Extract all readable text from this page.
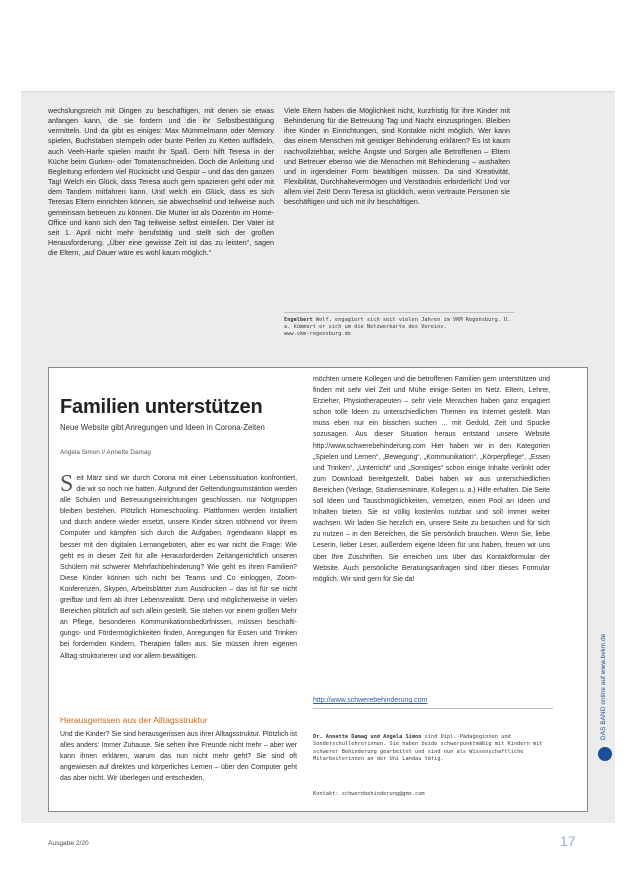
wechslungsreich mit Dingen zu beschäftigen, mit denen sie etwas anfangen kann, die sie fordern und die ihr Selbstbestätigung vermitteln. Und da gibt es einiges: Max Mümmelmann oder Memory spielen, Buchstaben stempeln oder bunte Perlen zu Ketten auffädeln, auch Veeh-Harfe spielen macht ihr Spaß. Gern hilft Teresa in der Küche beim Gurken- oder Tomatenschneiden. Doch die Anleitung und Begleitung erfordern viel Rücksicht und Gespür – und das den ganzen Tag! Welch ein Glück, dass Teresa auch gern spazieren geht oder mit dem Tandem mitfahren kann. Und welch ein Glück, dass es sich Teresas Eltern einrichten können, sie abwechselnd und teilweise auch gemeinsam betreuen zu können. Die Mutter ist als Dozentin im Home-Office und kann sich den Tag teilweise selbst einteilen. Der Vater ist seit 1. April nicht mehr berufstätig und stellt sich der großen Herausforderung. „Über eine gewisse Zeit ist das zu leisten“, sagen die Eltern, „auf Dauer wäre es wohl kaum möglich.“

Viele Eltern haben die Möglichkeit nicht, kurzfristig für ihre Kinder mit Behinderung für die Betreuung Tag und Nacht einzuspringen. Bleiben ihre Kinder in Einrichtungen, sind Kontakte nicht möglich. Wer kann das einem Menschen mit geistiger Behinderung erklären? Es ist kaum nachvollziehbar, welche Ängste und Sorgen alle Betroffenen – Eltern und Betreuer ebenso wie die Menschen mit Behinderung – aushalten und in irgendeiner Form bewältigen müssen. Da sind Kreativität, Flexibilität, Durchhaltevermögen und Verständnis erforderlich! Und vor allem viel Zeit! Denn Teresa ist glücklich, wenn vertraute Personen sie beschäftigen und sich mit ihr beschäftigen.

Engelbert Wolf, engagiert sich seit vielen Jahren im VKM Regensburg. U. a. kümmert er sich um die Netzwerkarte des Vereins.
www.vkm-regensburg.de
Familien unterstützen
Neue Website gibt Anregungen und Ideen in Corona-Zeiten
Angela Simon // Annette Damag
Seit März sind wir durch Corona mit einer Lebenssituation konfrontiert, die wir so noch nie hatten. Aufgrund der Geltendungsumstäntion werden alle Schulen und Betreuungseinrichtungen geschlossen, nur Notgruppen bleiben bestehen. Plötzlich Homeschooling. Plattformen werden installiert und durch andere wieder ersetzt, unsere Kinder sitzen stöhnend vor ihrem Computer und kämpfen sich durch die Aufgaben. Irgendwann klappt es besser mit den digitalen Lernangeboten, aber es war nicht die Frage: Wie geht es in dieser Zeit für alle Herausforderden Zeitangenichtlich unseren Schülern mit schwerer Mehrfachbehinderung? Wie geht es ihren Familien? Diese Kinder können sich nicht bei Teams und Co einloggen, Zoom-Konferenzen, Skypen, Arbeitsblätter zum Ausdrucken – das ist für sie nicht greifbar und fern ab ihrer Lebensrealität. Denn und möglicherweise in vielen Bereichen plötzlich auf sich allein gestellt. Sie stehen vor einem großen Mehr an Pflege, besonderen Kommunikationsbedürfnissen, müssen beschäftigungs- und Fördermöglichkeiten finden, Anregungen für Essen und Trinken bei fordernden Kindern, Therapien fallen aus. Sie müssen ihren eigenen Alltag strukturieren und vor allem bewältigen.
Herausgerissen aus der Alltagsstruktur
Und die Kinder? Sie sind herausgerissen aus ihrer Alltagsstruktur. Plötzlich ist alles anders: Immer Zuhause. Sie sehen ihre Freunde nicht mehr – aber wer kann ihnen erklären, warum das nun nicht mehr geht? Sie sind oft angewiesen auf direktes und körperliches Lernen – über den Computer geht das aber nicht. Wir überlegen und entscheiden,
möchten unsere Kollegen und die betroffenen Familien gern unterstützen und finden mit sehr viel Zeit und Mühe einige Seiten im Netz. Eltern, Lehrer, Erzieher, Physiotherapeuten – sehr viele Menschen haben ganz engagiert schon tolle Ideen zu unterschiedlichen Themen ins Internet gestellt. Man muss eben nur ein bisschen suchen ... mit Geduld, Zeit und Spucke sozusagen. Aus dieser Situation heraus entstand unsere Website http://www.schwerebehinderung.com Hier haben wir in den Kategorien „Spielen und Lernen“, „Bewegung“, „Kommunikation“, „Körperpflege“, „Essen und Trinken“, „Unterricht“ und „Sonstiges“ schon einige Inhalte verlinkt oder zum Download bereitgestellt. Dabei haben wir aus unterschiedlichen Bereichen (Verlage, Studienseminare, Kollegen u. a.) Hilfe erhalten. Die Seite soll Ideen und Tauschmöglichkeiten, vernetzen, einen Pool an Ideen und Inhalten bieten. Sie ist völlig kostenlos nutzbar und soll immer weiter wachsen. Wir laden Sie herzlich ein, unsere Seite zu besuchen und für sich zu nutzen – in den Bereichen, die Sie persönlich brauchen. Wenn Sie, liebe Leserin, lieber Leser, außerdem eigene Ideen für uns haben, freuen wir uns über Ihre Zuschriften. Sie erreichen uns über das Kontaktformular der Website. Auch persönliche Beratungsanfragen sind über dieses Formular möglich. Wir sind gern für Sie da!
http://www.schwerebehinderung.com
Dr. Annette Damag und Angela Simon sind Dipl.-Pädagoginnen und Sonderschullehrerinnen. Sie haben beide schwerpunktmäßig mit Kindern mit schwerer Behinderung gearbeitet und sind nun als Wissenschaftliche Mitarbeiterinnen an der Uni Landau tätig.
Kontakt: schwerebehinderung@gmx.com
DAS BAND online auf www.bvkm.de
Ausgabe 2/20	17
